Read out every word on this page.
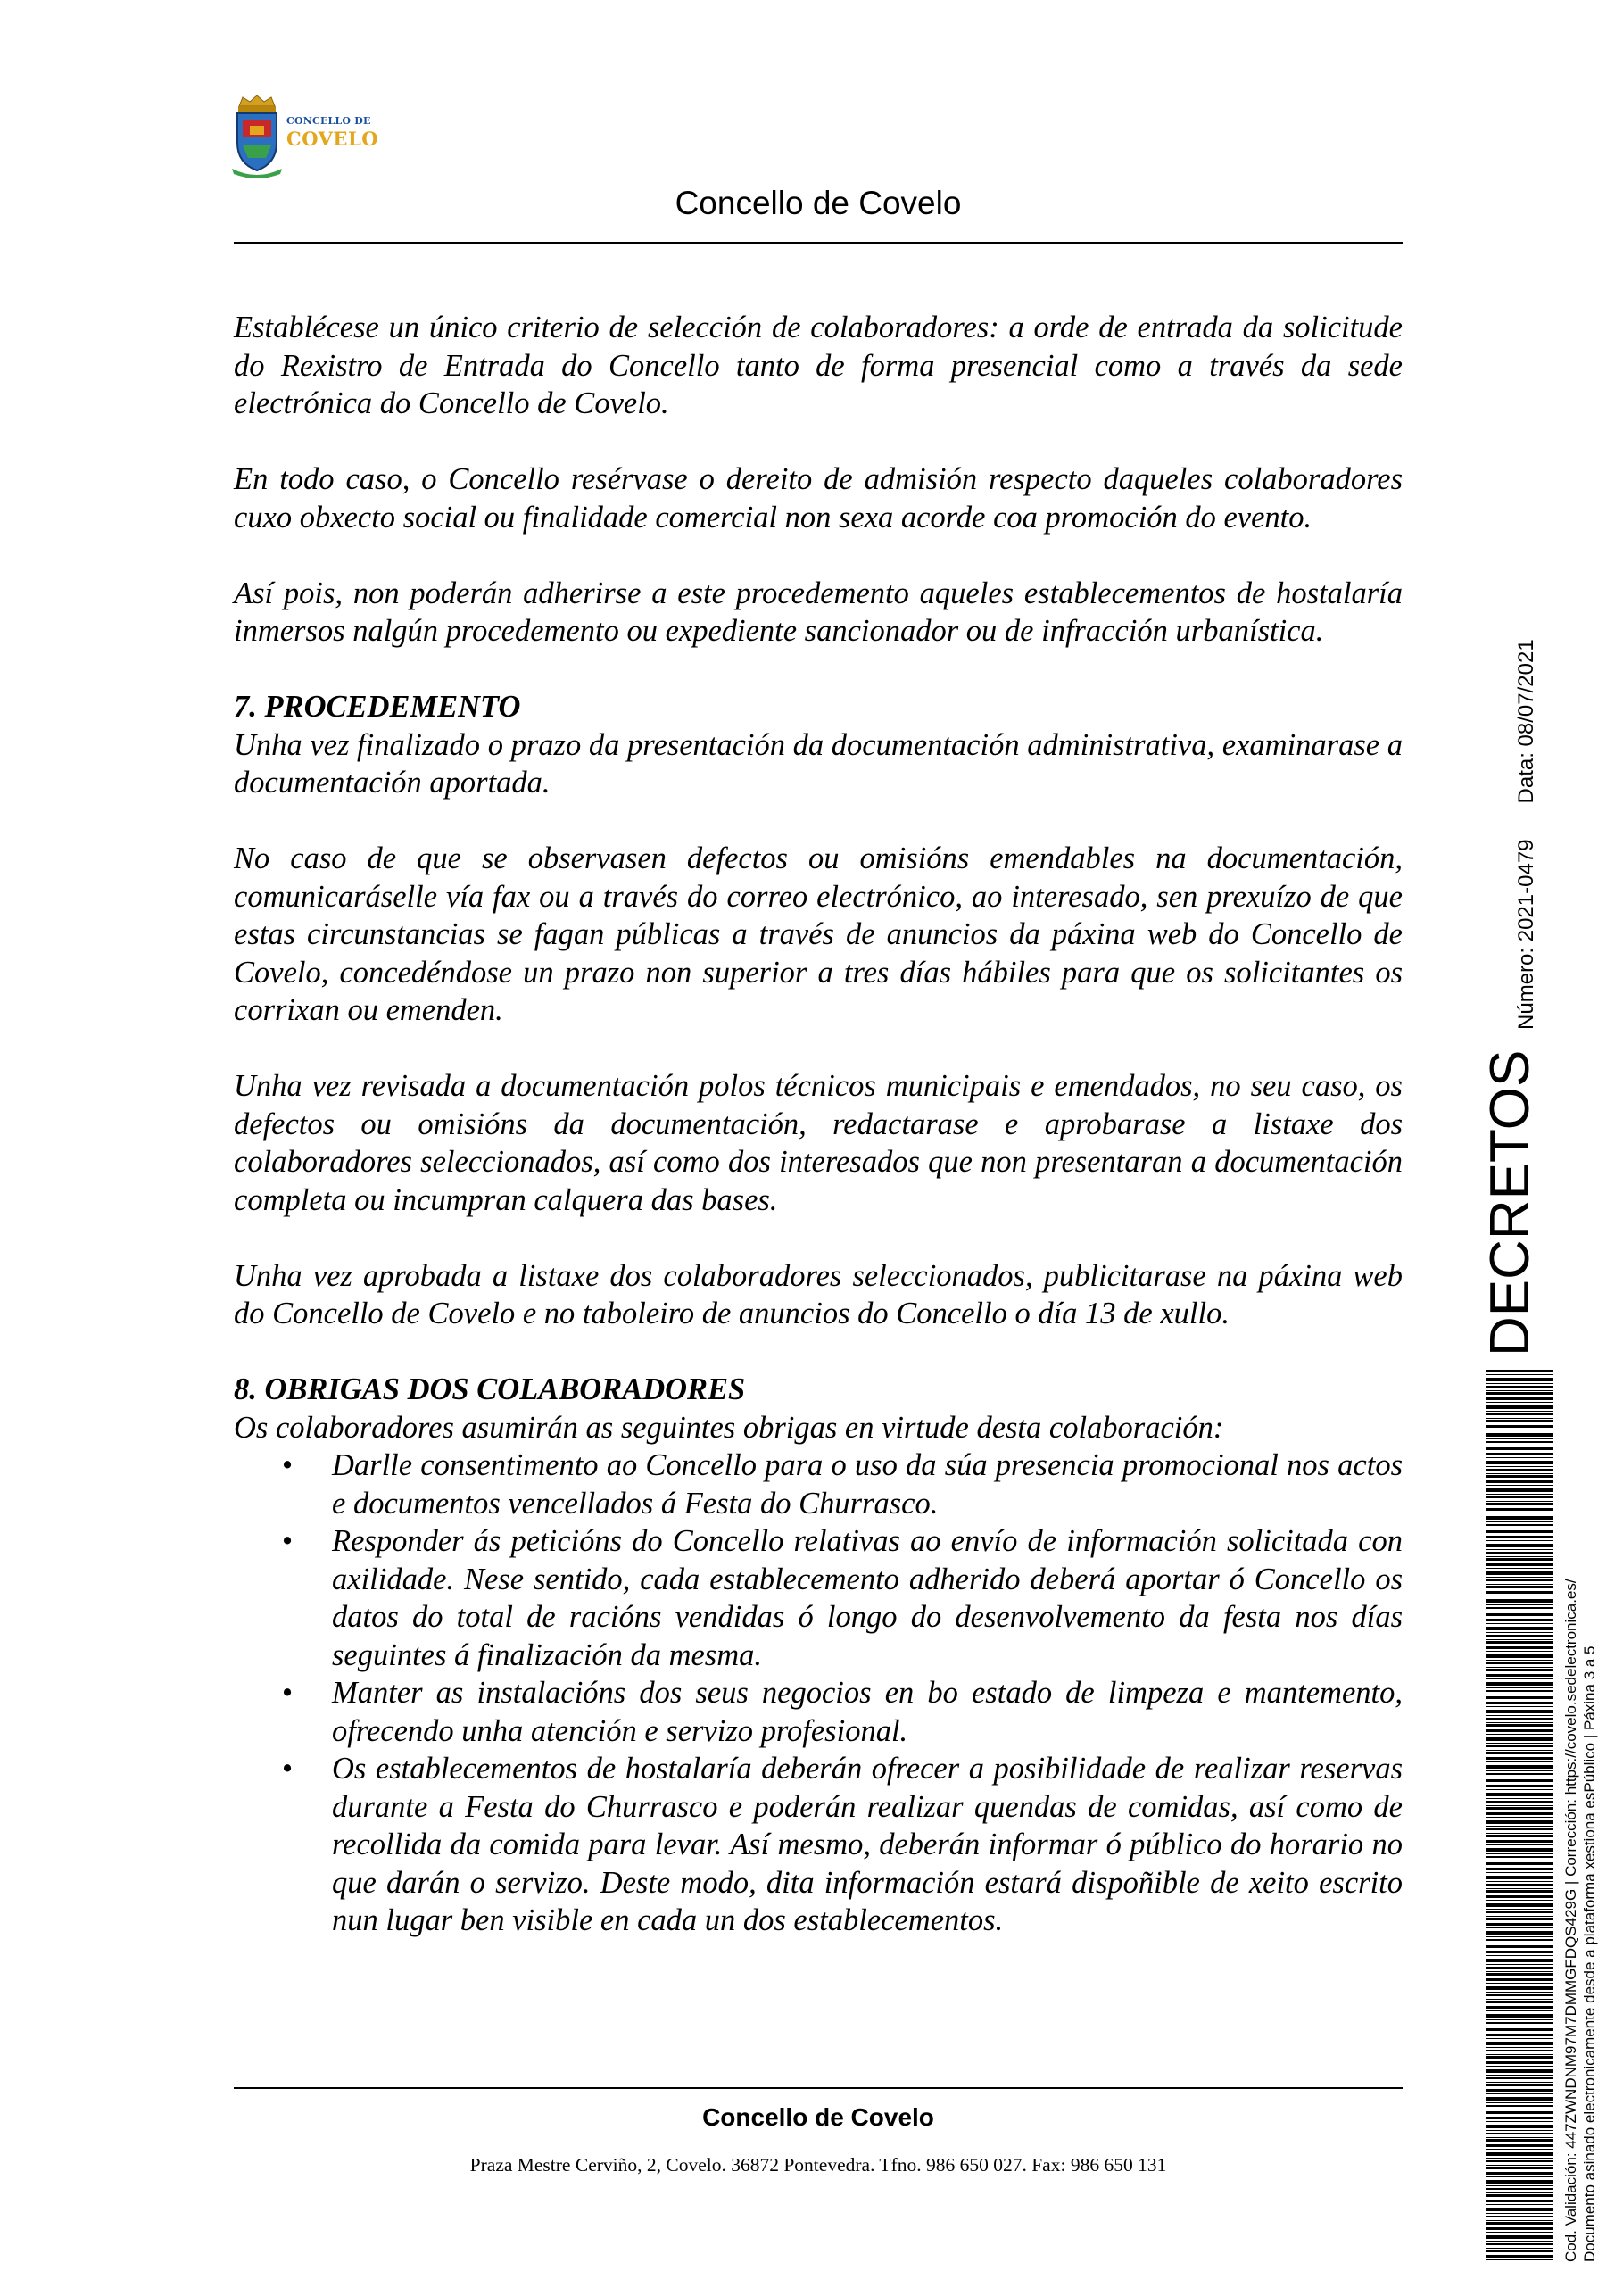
CONCELLO DE
COVELO
Concello de Covelo

Establécese un único criterio de selección de colaboradores: a orde de entrada da solicitude do Rexistro de Entrada do Concello tanto de forma presencial como a través da sede electrónica do Concello de Covelo.

En todo caso, o Concello resérvase o dereito de admisión respecto daqueles colaboradores cuxo obxecto social ou finalidade comercial non sexa acorde coa promoción do evento.

Así pois, non poderán adherirse a este procedemento aqueles establecementos de hostalaría inmersos nalgún procedemento ou expediente sancionador ou de infracción urbanística.

7. PROCEDEMENTO

Unha vez finalizado o prazo da presentación da documentación administrativa, examinarase a documentación aportada.

No caso de que se observasen defectos ou omisións emendables na documentación, comunicaráselle vía fax ou a través do correo electrónico, ao interesado, sen prexuízo de que estas circunstancias se fagan públicas a través de anuncios da páxina web do Concello de Covelo, concedéndose un prazo non superior a tres días hábiles para que os solicitantes os corrixan ou emenden.

Unha vez revisada a documentación polos técnicos municipais e emendados, no seu caso, os defectos ou omisións da documentación, redactarase e aprobarase a listaxe dos colaboradores seleccionados, así como dos interesados que non presentaran a documentación completa ou incumpran calquera das bases.

Unha vez aprobada a listaxe dos colaboradores seleccionados, publicitarase na páxina web do Concello de Covelo e no taboleiro de anuncios do Concello o día 13 de xullo.

8. OBRIGAS DOS COLABORADORES

Os colaboradores asumirán as seguintes obrigas en virtude desta colaboración:

• Darlle consentimento ao Concello para o uso da súa presencia promocional nos actos e documentos vencellados á Festa do Churrasco.
• Responder ás peticións do Concello relativas ao envío de información solicitada con axilidade. Nese sentido, cada establecemento adherido deberá aportar ó Concello os datos do total de racións vendidas ó longo do desenvolvemento da festa nos días seguintes á finalización da mesma.
• Manter as instalacións dos seus negocios en bo estado de limpeza e mantemento, ofrecendo unha atención e servizo profesional.
• Os establecementos de hostalaría deberán ofrecer a posibilidade de realizar reservas durante a Festa do Churrasco e poderán realizar quendas de comidas, así como de recollida da comida para levar. Así mesmo, deberán informar ó público do horario no que darán o servizo. Deste modo, dita información estará dispoñible de xeito escrito nun lugar ben visible en cada un dos establecementos.
Concello de Covelo
Praza Mestre Cerviño, 2, Covelo. 36872 Pontevedra. Tfno. 986 650 027. Fax: 986 650 131
DECRETOS Número: 2021-0479Data: 08/07/2021
Cod. Validación: 447ZWNDNM97M7DMMGFDQS429G | Corrección: https://covelo.sedelectronica.es/ Documento asinado electronicamente desde a plataforma xestiona esPúblico | Páxina 3 a 5
